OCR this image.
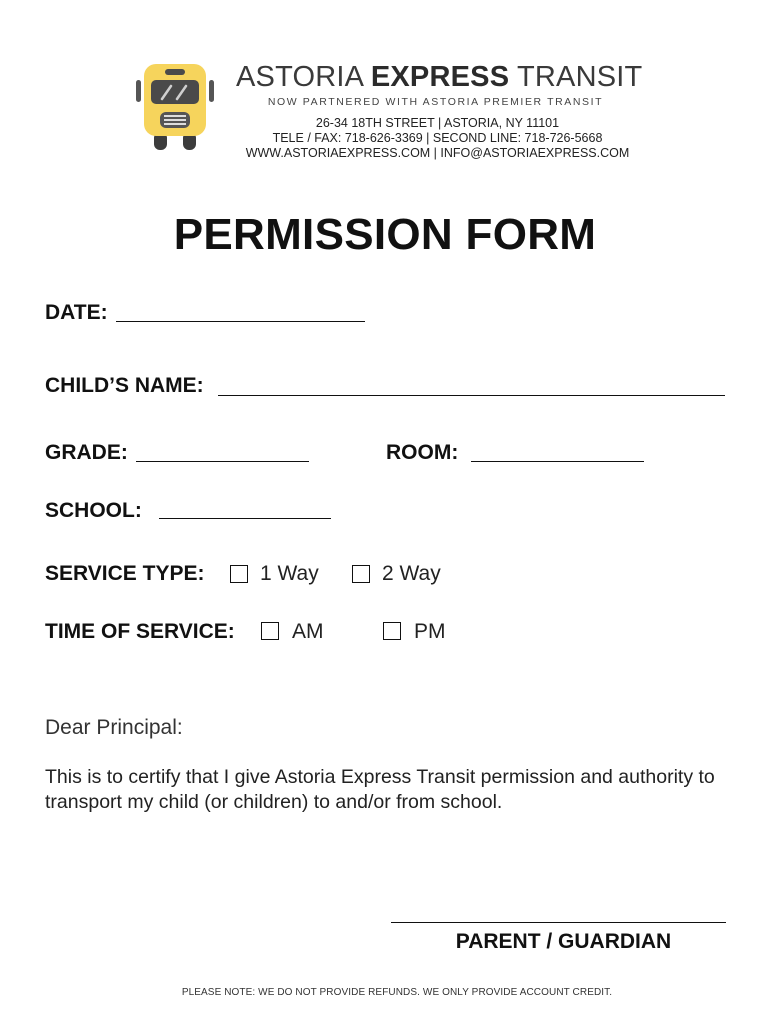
ASTORIA EXPRESS TRANSIT
NOW PARTNERED WITH ASTORIA PREMIER TRANSIT
26-34 18TH STREET | ASTORIA, NY 11101
TELE / FAX: 718-626-3369 | SECOND LINE: 718-726-5668
WWW.ASTORIAEXPRESS.COM | INFO@ASTORIAEXPRESS.COM
PERMISSION FORM
DATE:
CHILD’S NAME:
GRADE:	ROOM:
SCHOOL:
SERVICE TYPE:	1 Way	2 Way
TIME OF SERVICE:	AM	PM
Dear Principal:
This is to certify that I give Astoria Express Transit permission and authority to transport my child (or children) to and/or from school.
PARENT / GUARDIAN
PLEASE NOTE: WE DO NOT PROVIDE REFUNDS. WE ONLY PROVIDE ACCOUNT CREDIT.
